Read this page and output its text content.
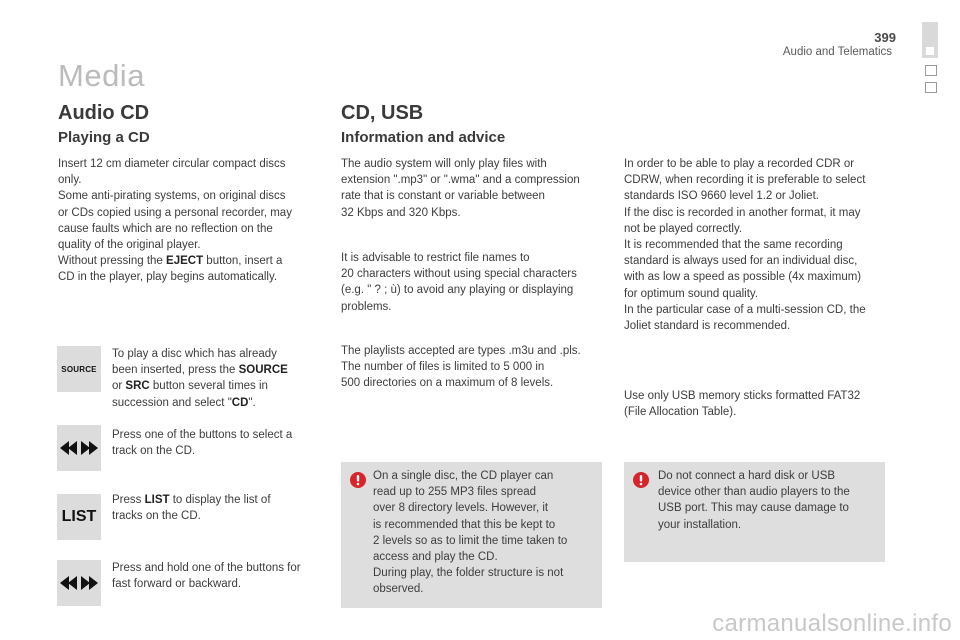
399
Audio and Telematics
Media
Audio CD
Playing a CD
Insert 12 cm diameter circular compact discs
only.
Some anti-pirating systems, on original discs
or CDs copied using a personal recorder, may
cause faults which are no reflection on the
quality of the original player.
Without pressing the EJECT button, insert a
CD in the player, play begins automatically.
SOURCE
To play a disc which has already
been inserted, press the SOURCE
or SRC button several times in
succession and select "CD".
Press one of the buttons to select a
track on the CD.
LIST
Press LIST to display the list of
tracks on the CD.
Press and hold one of the buttons for
fast forward or backward.
CD, USB
Information and advice
The audio system will only play files with
extension ".mp3" or ".wma" and a compression
rate that is constant or variable between
32 Kbps and 320 Kbps.
It is advisable to restrict file names to
20 characters without using special characters
(e.g. " ? ; ù) to avoid any playing or displaying
problems.
The playlists accepted are types .m3u and .pls.
The number of files is limited to 5 000 in
500 directories on a maximum of 8 levels.
On a single disc, the CD player can
read up to 255 MP3 files spread
over 8 directory levels. However, it
is recommended that this be kept to
2 levels so as to limit the time taken to
access and play the CD.
During play, the folder structure is not
observed.
In order to be able to play a recorded CDR or
CDRW, when recording it is preferable to select
standards ISO 9660 level 1.2 or Joliet.
If the disc is recorded in another format, it may
not be played correctly.
It is recommended that the same recording
standard is always used for an individual disc,
with as low a speed as possible (4x maximum)
for optimum sound quality.
In the particular case of a multi-session CD, the
Joliet standard is recommended.
Use only USB memory sticks formatted FAT32
(File Allocation Table).
Do not connect a hard disk or USB
device other than audio players to the
USB port. This may cause damage to
your installation.
carmanualsonline.info
